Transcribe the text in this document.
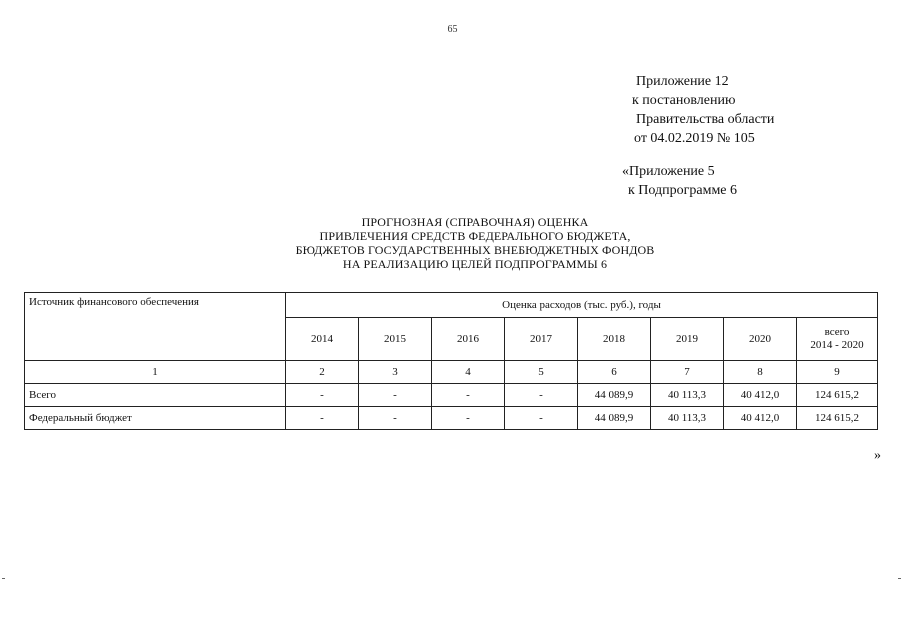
65
Приложение 12
к постановлению
Правительства области
от 04.02.2019 № 105
«Приложение 5
к Подпрограмме 6
ПРОГНОЗНАЯ (СПРАВОЧНАЯ) ОЦЕНКА
ПРИВЛЕЧЕНИЯ СРЕДСТВ ФЕДЕРАЛЬНОГО БЮДЖЕТА,
БЮДЖЕТОВ ГОСУДАРСТВЕННЫХ ВНЕБЮДЖЕТНЫХ ФОНДОВ
НА РЕАЛИЗАЦИЮ ЦЕЛЕЙ ПОДПРОГРАММЫ 6
Источник финансового обеспечения	Оценка расходов (тыс. руб.), годы							
	2014	2015	2016	2017	2018	2019	2020	всего
2014 - 2020

1	2	3	4	5	6	7	8	9
Всего	-	-	-	-	44 089,9	40 113,3	40 412,0	124 615,2
Федеральный бюджет	-	-	-	-	44 089,9	40 113,3	40 412,0	124 615,2
»
